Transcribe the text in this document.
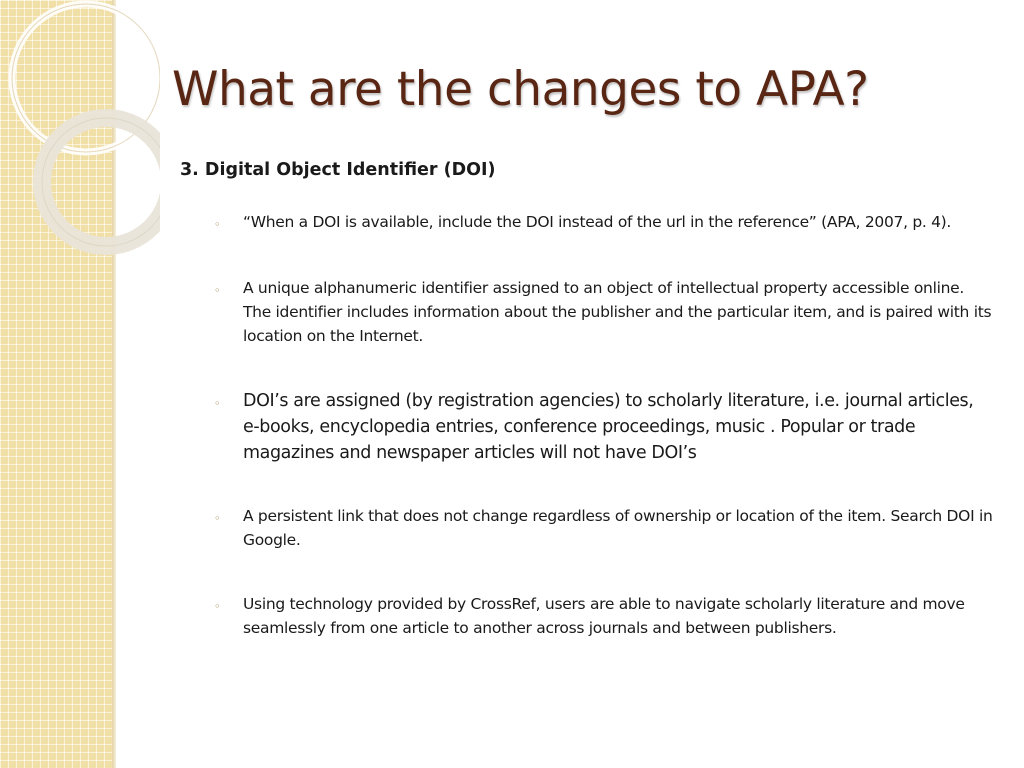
What are the changes to APA?
3. Digital Object Identifier (DOI)
◦ “When a DOI is available, include the DOI instead of the url in the reference” (APA, 2007, p. 4).
◦ A unique alphanumeric identifier assigned to an object of intellectual property accessible online. The identifier includes information about the publisher and the particular item, and is paired with its location on the Internet.
◦ DOI’s are assigned (by registration agencies) to scholarly literature, i.e. journal articles, e-books, encyclopedia entries, conference proceedings, music . Popular or trade magazines and newspaper articles will not have DOI’s
◦ A persistent link that does not change regardless of ownership or location of the item. Search DOI in Google.
◦ Using technology provided by CrossRef, users are able to navigate scholarly literature and move seamlessly from one article to another across journals and between publishers.
